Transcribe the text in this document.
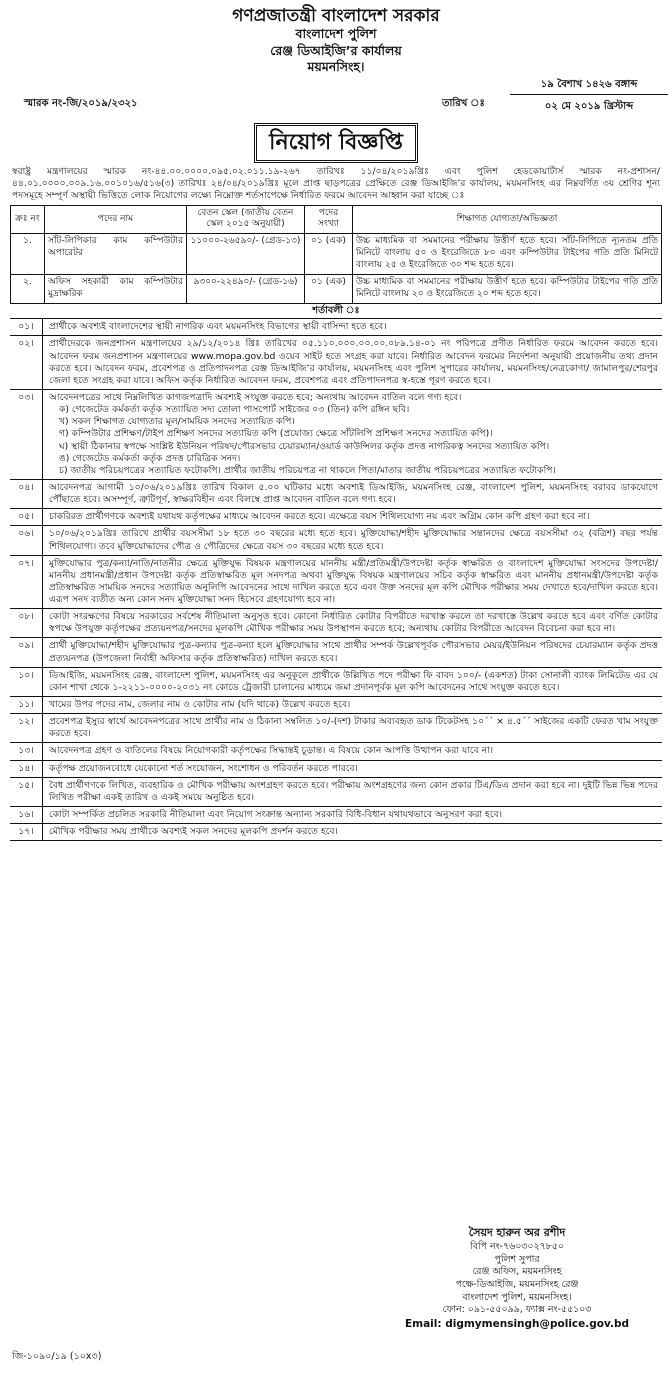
গণপ্রজাতন্ত্রী বাংলাদেশ সরকার
বাংলাদেশ পুলিশ
রেঞ্জ ডিআইজি’র কার্যালয়
ময়মনসিংহ।
স্মারক নং-জি/২০১৯/২৩২১	তারিখ ঃ
১৯ বৈশাখ ১৪২৬ বঙ্গাব্দ
০২ মে ২০১৯ খ্রিস্টাব্দ
নিয়োগ বিজ্ঞপ্তি
স্বরাষ্ট্র মন্ত্রণালয়ের স্মারক নং-৪৪.০০.০০০০.০৯৫.০২.০১১.১৯-২৬৭ তারিখঃ ১১/০৪/২০১৯খ্রিঃ এবং পুলিশ হেডকোয়ার্টার্স স্মারক নং-প্রশাসন/৪৪.০১.০০০০.০০৯.১৬.০০১০১৬/৫১৬(৩) তারিখঃ ২৪/০৪/২০১৯খ্রিঃ মূলে প্রাপ্ত ছাড়পত্রের প্রেক্ষিতে রেঞ্জ ডিআইজি’র কার্যালয়, ময়মনসিংহ এর নিম্নবর্ণিত ৩য় শ্রেণির শূন্য পদসমূহে সম্পূর্ণ অস্থায়ী ভিত্তিতে লোক নিয়োগের লক্ষ্যে নিম্নোক্ত শর্তসাপেক্ষে নির্ধারিত ফরমে আবেদন আহ্বান করা যাচ্ছে ঃ
ক্রঃ নং	পদের নাম	বেতন স্কেল (জাতীয় বেতন স্কেল ২০১৫ অনুযায়ী)	পদের সংখ্যা	শিক্ষাগত যোগ্যতা/অভিজ্ঞতা
১.	সাঁট-লিপিকার কাম কম্পিউটার অপারেটর	১১০০০-২৬৫৯০/- (গ্রেড-১৩)	০১ (এক)	উচ্চ মাধ্যমিক বা সমমানের পরীক্ষায় উত্তীর্ণ হতে হবে। সাঁট-লিপিতে ন্যূনতম প্রতি মিনিটে বাংলায় ৫০ ও ইংরেজিতে ৮০ এবং কম্পিউটার টাইপের গতি প্রতি মিনিটে বাংলায় ২৫ ও ইংরেজিতে ৩০ শব্দ হতে হবে।
২.	অফিস সহকারী কাম কম্পিউটার মুদ্রাক্ষরিক	৯৩০০-২২৪৯০/- (গ্রেড-১৬)	০১ (এক)	উচ্চ মাধ্যমিক বা সমমানের পরীক্ষায় উত্তীর্ণ হতে হবে। কম্পিউটার টাইপের গতি প্রতি মিনিটে বাংলায় ২০ ও ইংরেজিতে ২০ শব্দ হতে হবে।
শর্তাবলী ঃ
০১।	প্রার্থীকে অবশ্যই বাংলাদেশের স্থায়ী নাগরিক এবং ময়মনসিংহ বিভাগের স্থায়ী বাসিন্দা হতে হবে।
০২।	প্রার্থীদেরকে জনপ্রশাসন মন্ত্রণালয়ের ২৯/১২/২০১৪ খ্রিঃ তারিখের ০৫.১১০.০০০.০০.০০.০৮৯.১৪-০১ নং পরিপত্রে প্রণীত নির্ধারিত ফরমে আবেদন করতে হবে। আবেদন ফরম জনপ্রশাসন মন্ত্রণালয়ের www.mopa.gov.bd ওয়েব সাইট হতে সংগ্রহ করা যাবে। নির্ধারিত আবেদন ফরমের নির্দেশনা অনুযায়ী প্রয়োজনীয় তথ্য প্রদান করতে হবে। আবেদন ফরম, প্রবেশপত্র ও প্রতিপাদনপত্র রেঞ্জ ডিআইজি’র কার্যালয়, ময়মনসিংহ এবং পুলিশ সুপারের কার্যালয়, ময়মনসিংহ/নেত্রকোণা/ জামালপুর/শেরপুর জেলা হতে সংগ্রহ করা যাবে। অফিস কর্তৃক নির্ধারিত আবেদন ফরম, প্রবেশপত্র এবং প্রতিপাদনপত্র স্ব-হস্তে পূরণ করতে হবে।
০৩।	আবেদনপত্রের সাথে নিম্নলিখিত কাগজপত্রাদি অবশ্যই সংযুক্ত করতে হবে; অন্যথায় আবেদন বাতিল বলে গণ্য হবে।
ক) গেজেটেড কর্মকর্তা কর্তৃক সত্যায়িত সদ্য তোলা পাসপোর্ট সাইজের ০৩ (তিন) কপি রঙ্গিন ছবি।
খ) সকল শিক্ষাগত যোগ্যতার মূল/সাময়িক সনদের সত্যায়িত কপি।
গ) কম্পিউটার প্রশিক্ষণ/টাইপ প্রশিক্ষণ সনদের সত্যায়িত কপি (প্রযোজ্য ক্ষেত্রে সাঁটলিপি প্রশিক্ষণ সনদের সত্যায়িত কপি)।
ঘ) স্থায়ী ঠিকানার স্বপক্ষে সংশ্লিষ্ট ইউনিয়ন পরিষদ/পৌরসভার চেয়ারম্যান/ওয়ার্ড কাউন্সিলর কর্তৃক প্রদত্ত নাগরিকত্ব সনদের সত্যায়িত কপি।
ঙ) গেজেটেড কর্মকর্তা কর্তৃক প্রদত্ত চারিত্রিক সনদ।
চ) জাতীয় পরিচয়পত্রের সত্যায়িত ফটোকপি। প্রার্থীর জাতীয় পরিচয়পত্র না থাকলে পিতা/মাতার জাতীয় পরিচয়পত্রের সত্যায়িত ফটোকপি।
০৪।	আবেদনপত্র আগামী ১০/০৬/২০১৯খ্রিঃ তারিখ বিকাল ৫.০০ ঘটিকার মধ্যে অবশ্যই ডিআইজি, ময়মনসিংহ রেঞ্জ, বাংলাদেশ পুলিশ, ময়মনসিংহ বরাবর ডাকযোগে পৌঁছাতে হবে। অসম্পূর্ণ, ত্রুটিপূর্ণ, স্বাক্ষরবিহীন এবং বিলম্বে প্রাপ্ত আবেদন বাতিল বলে গণ্য হবে।
০৫।	চাকরিরত প্রার্থীগণকে অবশ্যই যথাযথ কর্তৃপক্ষের মাধ্যমে আবেদন করতে হবে। এক্ষেত্রে বয়স শিথিলযোগ্য নয় এবং অগ্রিম কোন কপি গ্রহণ করা হবে না।
০৬।	১০/০৬/২০১৯খ্রিঃ তারিখে প্রার্থীর বয়সসীমা ১৮ হতে ৩০ বছরের মধ্যে হতে হবে। মুক্তিযোদ্ধা/শহীদ মুক্তিযোদ্ধার সন্তানদের ক্ষেত্রে বয়সসীমা ৩২ (বত্রিশ) বছর পর্যন্ত শিথিলযোগ্য। তবে মুক্তিযোদ্ধাদের পৌত্র ও পৌত্রিদের ক্ষেত্রে বয়স ৩০ বছরের মধ্যে হতে হবে।
০৭।	মুক্তিযোদ্ধার পুত্র/কন্যা/নাতি/নাতনীর ক্ষেত্রে মুক্তিযুদ্ধ বিষয়ক মন্ত্রণালয়ের মাননীয় মন্ত্রী/প্রতিমন্ত্রী/উপদেষ্টা কর্তৃক স্বাক্ষরিত ও বাংলাদেশ মুক্তিযোদ্ধা সংসদের উপদেষ্টা/মাননীয় প্রধানমন্ত্রী/প্রধান উপদেষ্টা কর্তৃক প্রতিস্বাক্ষরিত মূল সনদপত্র অথবা মুক্তিযুদ্ধ বিষয়ক মন্ত্রণালয়ের সচিব কর্তৃক স্বাক্ষরিত এবং মাননীয় প্রধানমন্ত্রী/উপদেষ্টা কর্তৃক প্রতিস্বাক্ষরিত সাময়িক সনদের সত্যায়িত অনুলিপি আবেদনের সাথে দাখিল করতে হবে এবং উক্ত সনদের মূল কপি মৌখিক পরীক্ষার সময় দেখাতে হবে/দাখিল করতে হবে। এরূপ সনদ ব্যতীত অন্য কোন সনদ মুক্তিযোদ্ধা সনদ হিসেবে গ্রহণযোগ্য হবে না।
০৮।	কোটা সংরক্ষণের বিষয়ে সরকারের সর্বশেষ নীতিমালা অনুসৃত হবে। কোনো নির্ধারিত কোটার বিপরীতে দরখাস্ত করলে তা দরখাস্তে উল্লেখ করতে হবে এবং বর্ণিত কোটার স্বপক্ষে উপযুক্ত কর্তৃপক্ষের প্রত্যয়নপত্র/সনদের মূলকপি মৌখিক পরীক্ষার সময় উপস্থাপন করতে হবে; অন্যথায় কোটার বিপরীতে আবেদন বিবেচনা করা হবে না।
০৯।	প্রার্থী মুক্তিযোদ্ধা/শহীদ মুক্তিযোদ্ধার পুত্র-কন্যার পুত্র-কন্যা হলে মুক্তিযোদ্ধার সাথে প্রার্থীর সম্পর্ক উল্লেখপূর্বক পৌরসভার মেয়র/ইউনিয়ন পরিষদের চেয়ারম্যান কর্তৃক প্রদত্ত প্রত্যয়নপত্র (উপজেলা নির্বাহী অফিসার কর্তৃক প্রতিস্বাক্ষরিত) দাখিল করতে হবে।
১০।	ডিআইজি, ময়মনসিংহ রেঞ্জ, বাংলাদেশ পুলিশ, ময়মনসিংহ এর অনুকূলে প্রার্থীকে উল্লিখিত পদে পরীক্ষা ফি বাবদ ১০০/- (একশত) টাকা সোনালী ব্যাংক লিমিটেড এর যে কোন শাখা থেকে ১-২২১১-০০০০-২০৩১ নং কোডে ট্রেজারী চালানের মাধ্যমে জমা প্রদানপূর্বক মূল কপি আবেদনের সাথে সংযুক্ত করতে হবে।
১১।	খামের উপর পদের নাম, জেলার নাম ও কোটার নাম (যদি থাকে) উল্লেখ করতে হবে।
১২।	প্রবেশপত্র ইস্যুর স্বার্থে আবেদনপত্রের সাথে প্রার্থীর নাম ও ঠিকানা সম্বলিত ১০/-(দশ) টাকার অব্যবহৃত ডাক টিকেটসহ ১০´´ × ৪.৫´´ সাইজের একটি ফেরত খাম সংযুক্ত করতে হবে।
১৩।	আবেদনপত্র গ্রহণ ও বাতিলের বিষয়ে নিয়োগকারী কর্তৃপক্ষের সিদ্ধান্তই চূড়ান্ত। এ বিষয়ে কোন আপত্তি উত্থাপন করা যাবে না।
১৪।	কর্তৃপক্ষ প্রয়োজনবোধে যেকোনো শর্ত সংযোজন, সংশোধন ও পরিবর্তন করতে পারবে।
১৫।	বৈধ প্রার্থীগণকে লিখিত, ব্যবহারিক ও মৌখিক পরীক্ষায় অংশগ্রহণ করতে হবে। পরীক্ষায় অংশগ্রহণের জন্য কোন প্রকার টিএ/ডিএ প্রদান করা হবে না। দুইটি ভিন্ন ভিন্ন পদের লিখিত পরীক্ষা একই তারিখ ও একই সময়ে অনুষ্ঠিত হবে।
১৬।	কোটা সম্পর্কিত প্রচলিত সরকারি নীতিমালা এবং নিয়োগ সংক্রান্ত অন্যান্য সরকারি বিধি-বিধান যথাযথভাবে অনুসরণ করা হবে।
১৭।	মৌখিক পরীক্ষার সময় প্রার্থীকে অবশ্যই সকল সনদের মূলকপি প্রদর্শন করতে হবে।
সৈয়দ হারুন অর রশীদ
বিপি নং-৭৬০৩০২৭৮৫০
পুলিশ সুপার
রেঞ্জ অফিস, ময়মনসিংহ
পক্ষে-ডিআইজি, ময়মনসিংহ রেঞ্জ
বাংলাদেশ পুলিশ, ময়মনসিংহ।
ফোন: ০৯১-৫৫০৯৯, ফ্যাক্স নং-৫৫১০৩
Email: digmymensingh@police.gov.bd
জি-১০৯০/১৯ (১০x৩)
